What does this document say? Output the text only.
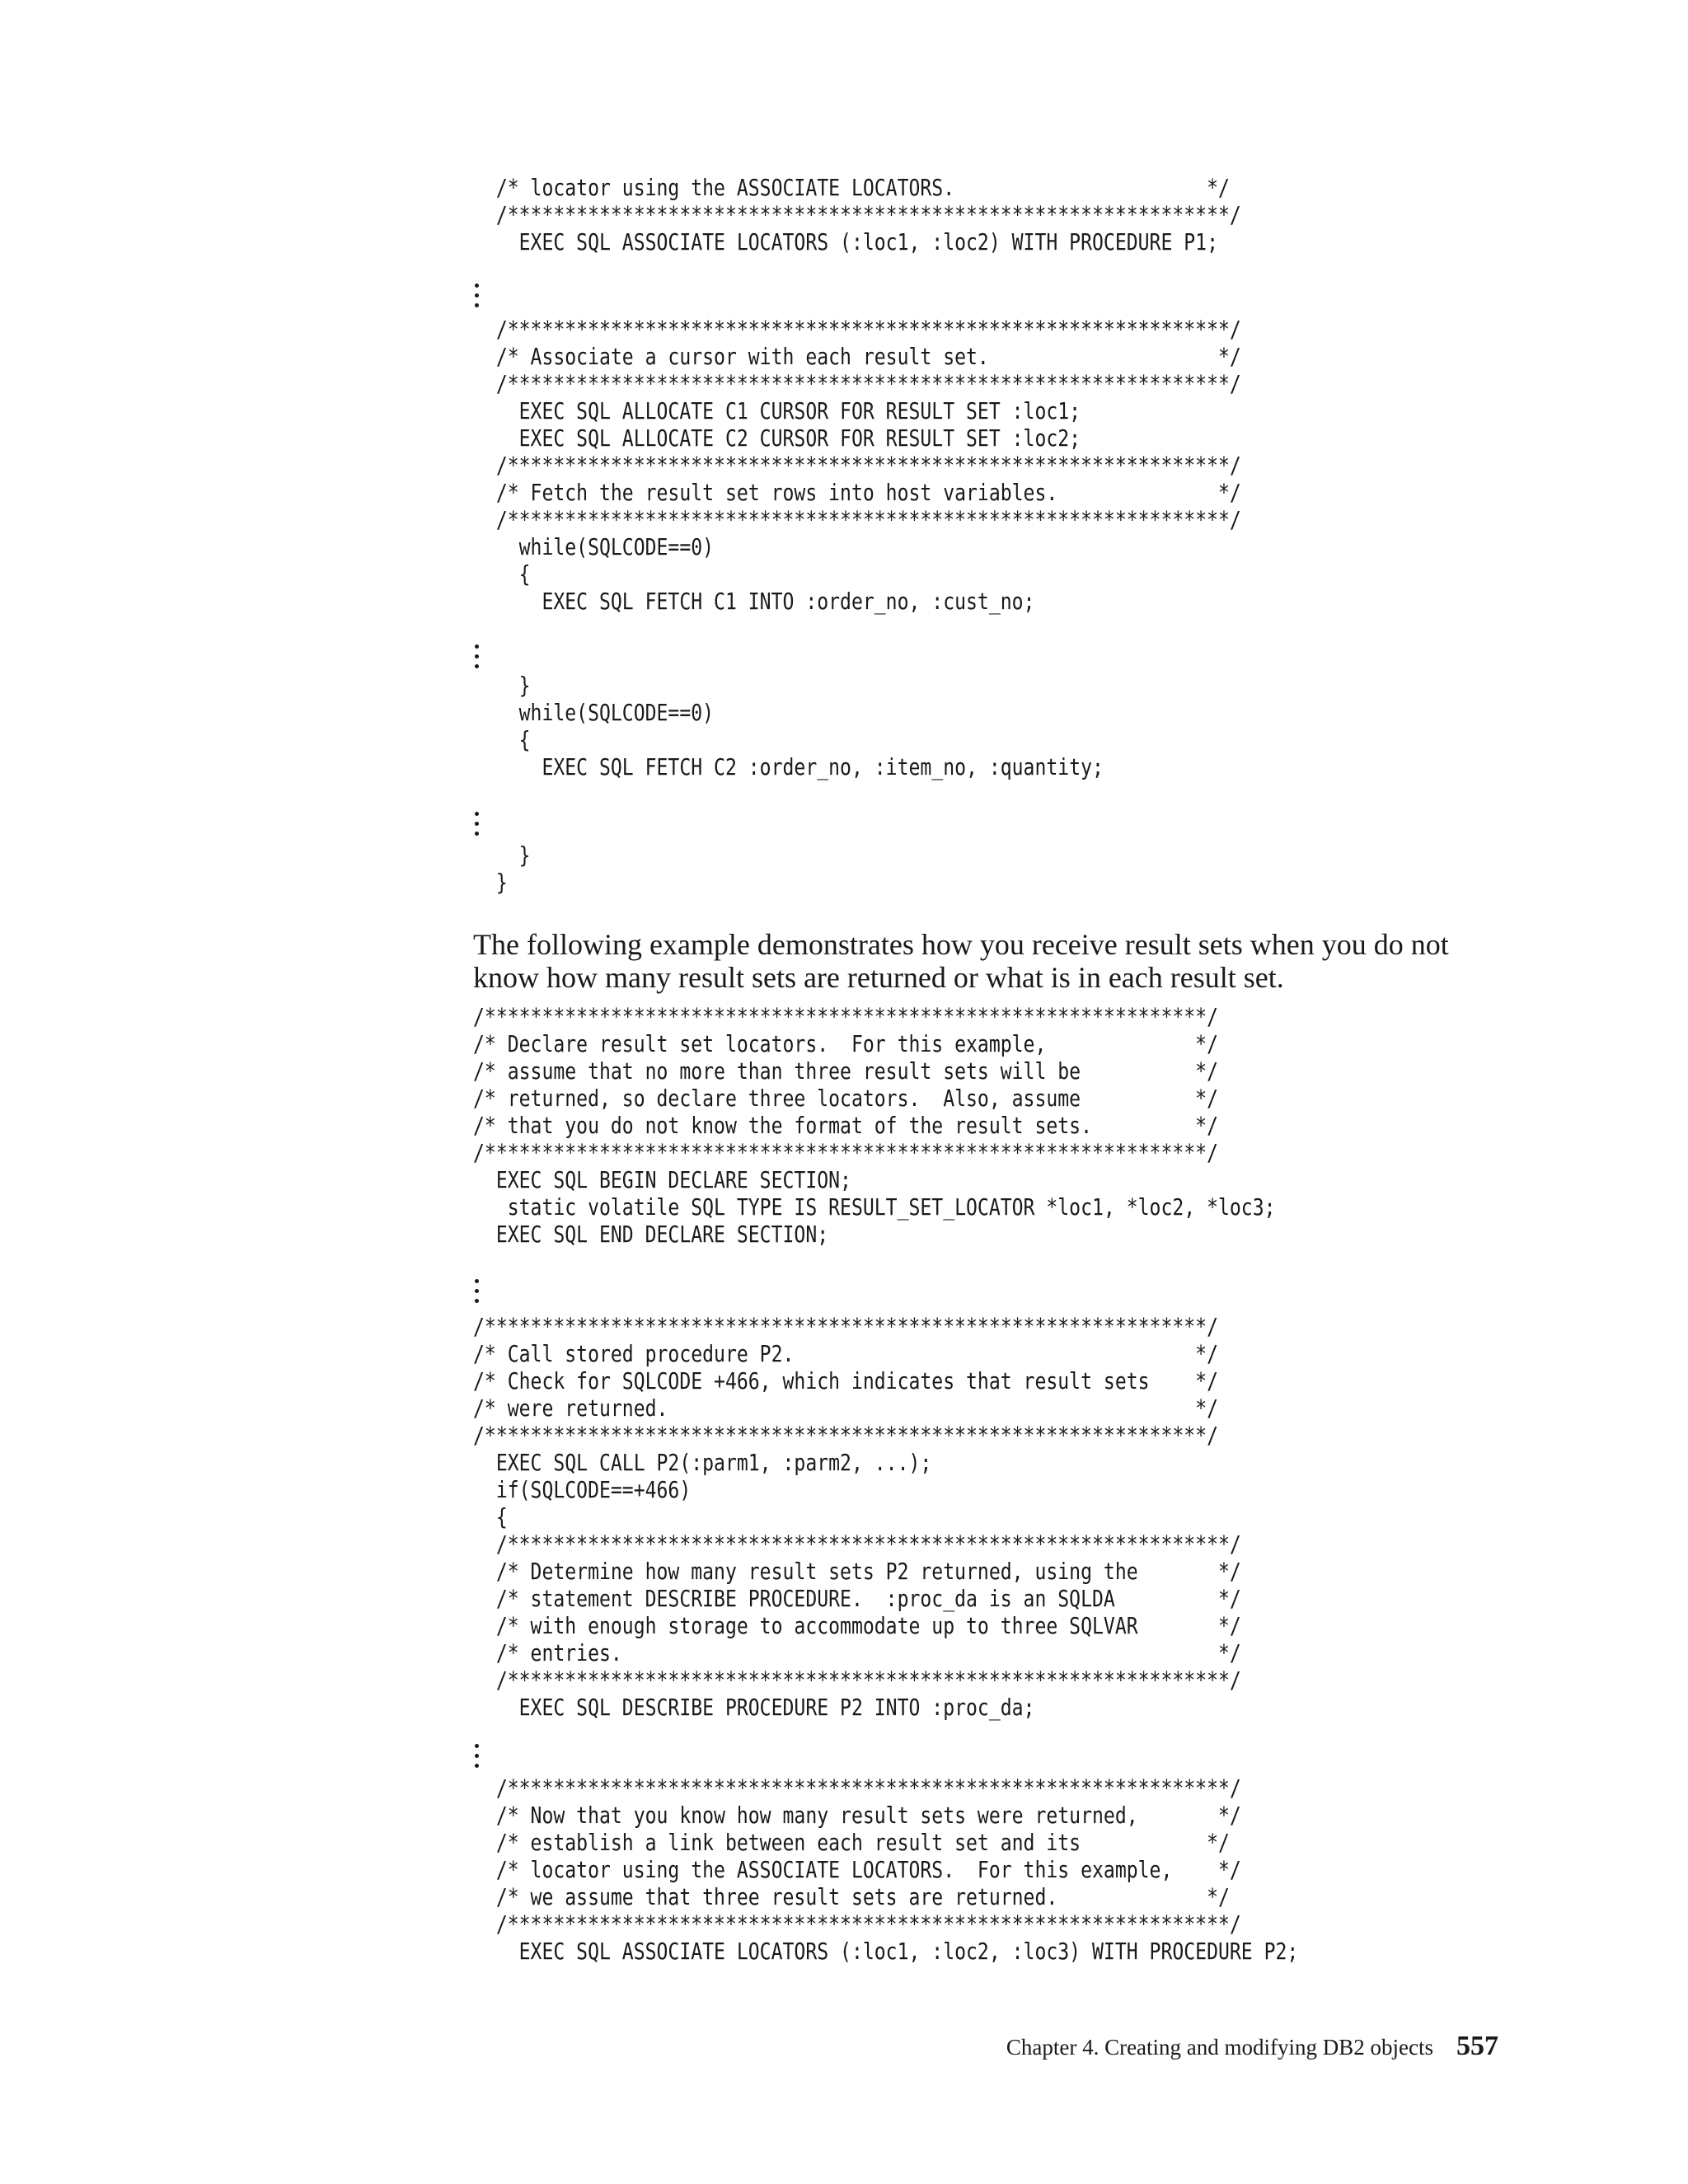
/* locator using the ASSOCIATE LOCATORS.                      */
/***************************************************************/
EXEC SQL ASSOCIATE LOCATORS (:loc1, :loc2) WITH PROCEDURE P1;
/***************************************************************/
/* Associate a cursor with each result set.                    */
/***************************************************************/
EXEC SQL ALLOCATE C1 CURSOR FOR RESULT SET :loc1;
EXEC SQL ALLOCATE C2 CURSOR FOR RESULT SET :loc2;
/***************************************************************/
/* Fetch the result set rows into host variables.              */
/***************************************************************/
while(SQLCODE==0)
{
EXEC SQL FETCH C1 INTO :order_no, :cust_no;
}
while(SQLCODE==0)
{
EXEC SQL FETCH C2 :order_no, :item_no, :quantity;
}
}

The following example demonstrates how you receive result sets when you do not know how many result sets are returned or what is in each result set.

/***************************************************************/
/* Declare result set locators.  For this example,             */
/* assume that no more than three result sets will be          */
/* returned, so declare three locators.  Also, assume          */
/* that you do not know the format of the result sets.         */
/***************************************************************/
EXEC SQL BEGIN DECLARE SECTION;
static volatile SQL TYPE IS RESULT_SET_LOCATOR *loc1, *loc2, *loc3;
EXEC SQL END DECLARE SECTION;
/***************************************************************/
/* Call stored procedure P2.                                   */
/* Check for SQLCODE +466, which indicates that result sets    */
/* were returned.                                              */
/***************************************************************/
EXEC SQL CALL P2(:parm1, :parm2, ...);
if(SQLCODE==+466)
{
/***************************************************************/
/* Determine how many result sets P2 returned, using the       */
/* statement DESCRIBE PROCEDURE.  :proc_da is an SQLDA         */
/* with enough storage to accommodate up to three SQLVAR       */
/* entries.                                                    */
/***************************************************************/
EXEC SQL DESCRIBE PROCEDURE P2 INTO :proc_da;
/***************************************************************/
/* Now that you know how many result sets were returned,       */
/* establish a link between each result set and its           */
/* locator using the ASSOCIATE LOCATORS.  For this example,    */
/* we assume that three result sets are returned.             */
/***************************************************************/
EXEC SQL ASSOCIATE LOCATORS (:loc1, :loc2, :loc3) WITH PROCEDURE P2;
Chapter 4. Creating and modifying DB2 objects 557
